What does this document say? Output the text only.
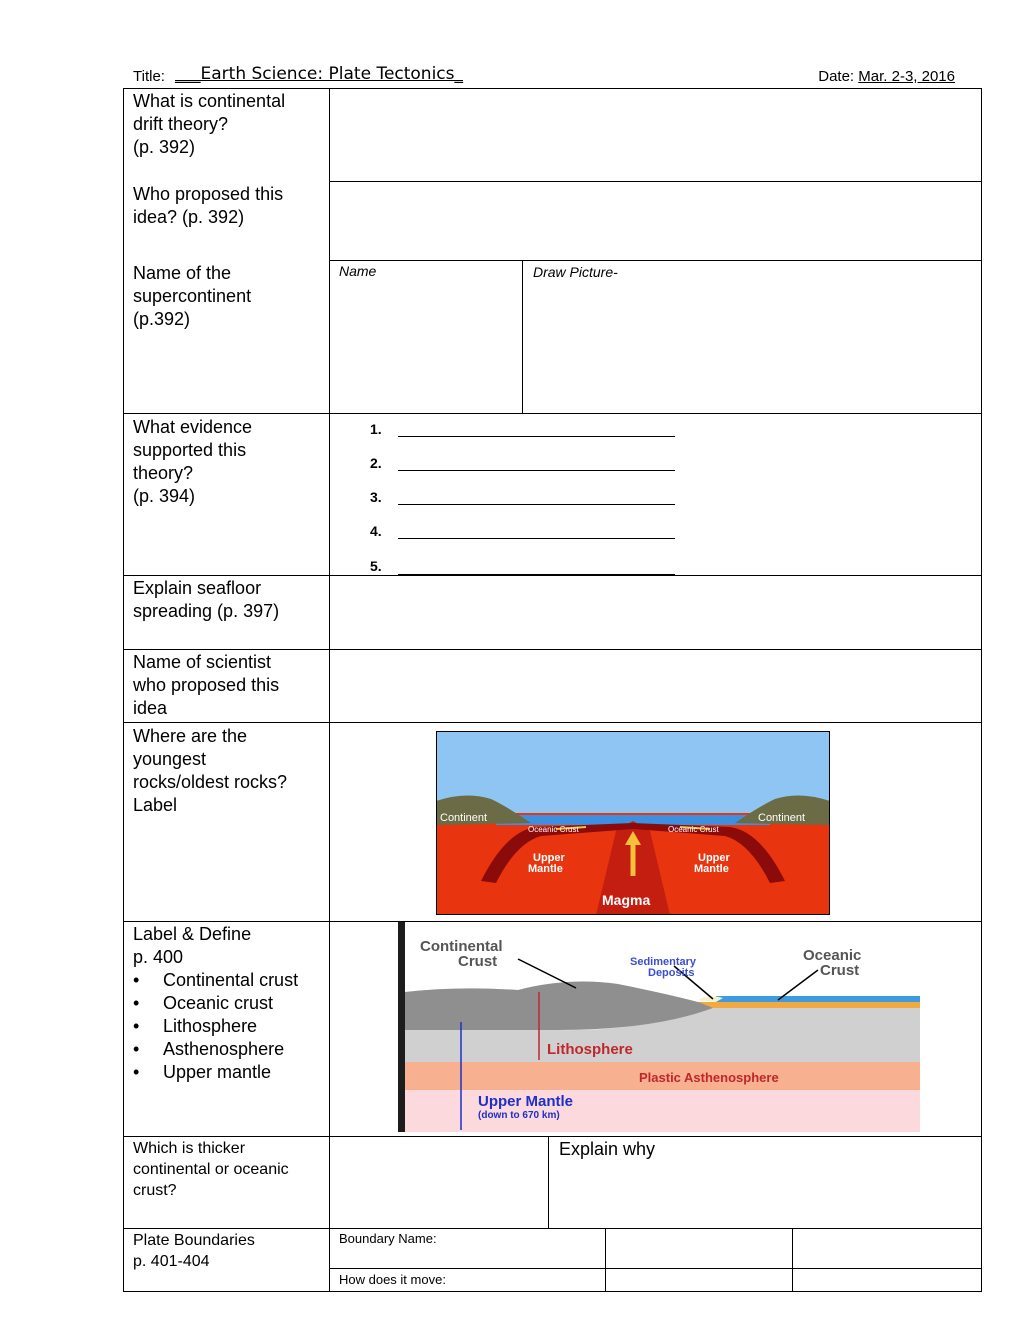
Title: ___Earth Science: Plate Tectonics_	Date: Mar. 2-3, 2016
What is continental
drift theory?
(p. 392)
Who proposed this
idea? (p. 392)
Name of the
supercontinent
(p.392)
Name	Draw Picture-
What evidence
supported this
theory?
(p. 394)
1.
2.
3.
4.
5.
Explain seafloor
spreading (p. 397)
Name of scientist
who proposed this
idea
Where are the
youngest
rocks/oldest rocks?
Label
Continent	Continent
Oceanic Crust	Oceanic Crust
Upper
Mantle
Upper
Mantle
Magma
Label & Define
p. 400
• Continental crust
• Oceanic crust
• Lithosphere
• Asthenosphere
• Upper mantle
Continental
Crust	Sedimentary
Deposits
Oceanic
Crust
Lithosphere
Plastic Asthenosphere
Upper Mantle
(down to 670 km)
Which is thicker
continental or oceanic
crust?
Explain why
Plate Boundaries
p. 401-404
Boundary Name:
How does it move:
